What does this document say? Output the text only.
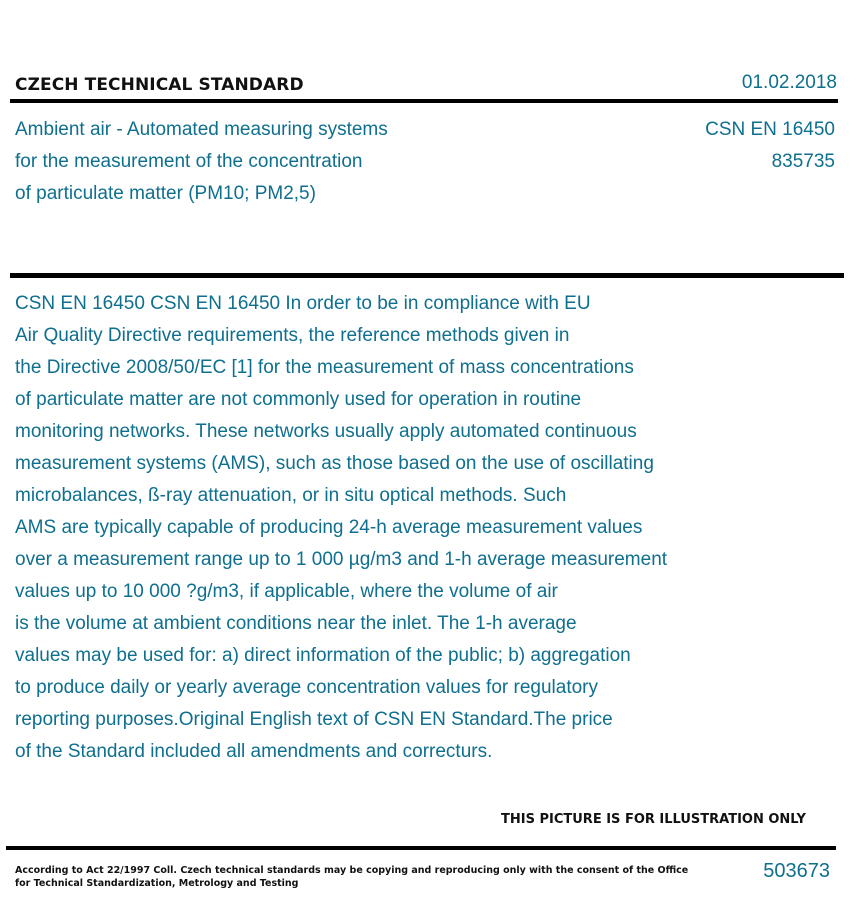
CZECH TECHNICAL STANDARD	01.02.2018
Ambient air - Automated measuring systems
for the measurement of the concentration
of particulate matter (PM10; PM2,5)
CSN EN 16450
835735
CSN EN 16450 CSN EN 16450 In order to be in compliance with EU
Air Quality Directive requirements, the reference methods given in
the Directive 2008/50/EC [1] for the measurement of mass concentrations
of particulate matter are not commonly used for operation in routine
monitoring networks. These networks usually apply automated continuous
measurement systems (AMS), such as those based on the use of oscillating
microbalances, ß-ray attenuation, or in situ optical methods. Such
AMS are typically capable of producing 24-h average measurement values
over a measurement range up to 1 000 µg/m3 and 1-h average measurement
values up to 10 000 ?g/m3, if applicable, where the volume of air
is the volume at ambient conditions near the inlet. The 1-h average
values may be used for: a) direct information of the public; b) aggregation
to produce daily or yearly average concentration values for regulatory
reporting purposes.Original English text of CSN EN Standard.The price
of the Standard included all amendments and correcturs.
THIS PICTURE IS FOR ILLUSTRATION ONLY
According to Act 22/1997 Coll. Czech technical standards may be copying and reproducing only with the consent of the Office
for Technical Standardization, Metrology and Testing
503673
